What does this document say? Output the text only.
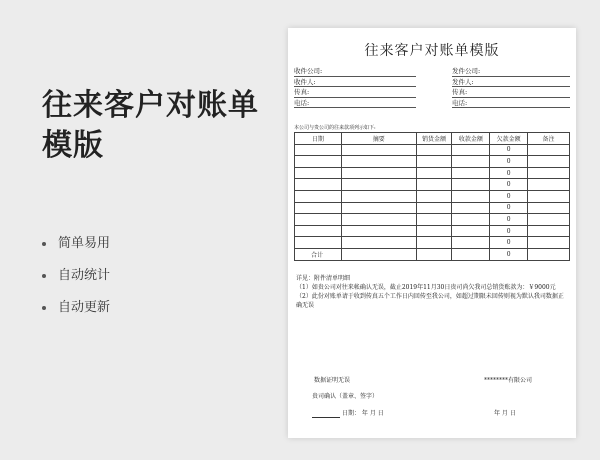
往来客户对账单模版
简单易用
自动统计
自动更新
往来客户对账单模版
收件公司:
收件人:
传真:
电话:
发件公司:
发件人:
传真:
电话:
本公司与贵公司的往来款项列示如下:
日期	摘要	销货金额	收款金额	欠款金额	备注
				0	
				0	
				0	
				0	
				0	
				0	
				0	
				0	
				0	
合计				0	
详见：附件清单明细
（1）如贵公司对往来帐确认无误，截止2019年11月30日贵司尚欠我司总销货账款为：￥9000元
（2）此份对账单请于收到传真五个工作日内回传至我公司，如超过期限未回传则视为默认我司数据正确无误
数据证明无误	********有限公司
贵司确认（盖章、签字）
日期： 年 月 日	年 月 日
